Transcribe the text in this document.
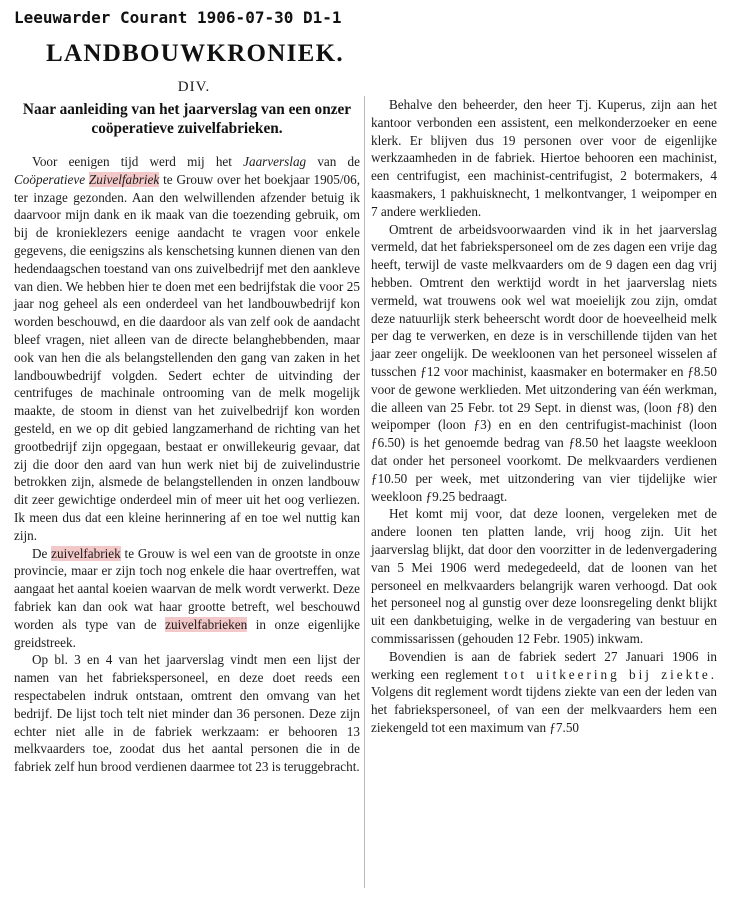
Leeuwarder Courant 1906-07-30 D1-1
LANDBOUWKRONIEK.
DIV.
Naar aanleiding van het jaarverslag van een onzer coöperatieve zuivelfabrieken.

Voor eenigen tijd werd mij het Jaarverslag van de Coöperatieve Zuivelfabriek te Grouw over het boekjaar 1905/06, ter inzage gezonden. Aan den welwillenden afzender betuig ik daarvoor mijn dank en ik maak van die toezending gebruik, om bij de kronieklezers eenige aandacht te vragen voor enkele gegevens, die eenigszins als kenschetsing kunnen dienen van den hedendaagschen toestand van ons zuivelbedrijf met den aankleve van dien. We hebben hier te doen met een bedrijfstak die voor 25 jaar nog geheel als een onderdeel van het landbouwbedrijf kon worden beschouwd, en die daardoor als van zelf ook de aandacht bleef vragen, niet alleen van de directe belanghebbenden, maar ook van hen die als belangstellenden den gang van zaken in het landbouwbedrijf volgden. Sedert echter de uitvinding der centrifuges de machinale ontrooming van de melk mogelijk maakte, de stoom in dienst van het zuivelbedrijf kon worden gesteld, en we op dit gebied langzamerhand de richting van het grootbedrijf zijn opgegaan, bestaat er onwillekeurig gevaar, dat zij die door den aard van hun werk niet bij de zuivelindustrie betrokken zijn, alsmede de belangstellenden in onzen landbouw dit zeer gewichtige onderdeel min of meer uit het oog verliezen. Ik meen dus dat een kleine herinnering af en toe wel nuttig kan zijn.

De zuivelfabriek te Grouw is wel een van de grootste in onze provincie, maar er zijn toch nog enkele die haar overtreffen, wat aangaat het aantal koeien waarvan de melk wordt verwerkt. Deze fabriek kan dan ook wat haar grootte betreft, wel beschouwd worden als type van de zuivelfabrieken in onze eigenlijke greidstreek.

Op bl. 3 en 4 van het jaarverslag vindt men een lijst der namen van het fabriekspersoneel, en deze doet reeds een respectabelen indruk ontstaan, omtrent den omvang van het bedrijf. De lijst toch telt niet minder dan 36 personen. Deze zijn echter niet alle in de fabriek werkzaam: er behooren 13 melkvaarders toe, zoodat dus het aantal personen die in de fabriek zelf hun brood verdienen daarmee tot 23 is teruggebracht.

Behalve den beheerder, den heer Tj. Kuperus, zijn aan het kantoor verbonden een assistent, een melkonderzoeker en eene klerk. Er blijven dus 19 personen over voor de eigenlijke werkzaamheden in de fabriek. Hiertoe behooren een machinist, een centrifugist, een machinist-centrifugist, 2 botermakers, 4 kaasmakers, 1 pakhuisknecht, 1 melkontvanger, 1 weipomper en 7 andere werklieden.

Omtrent de arbeidsvoorwaarden vind ik in het jaarverslag vermeld, dat het fabriekspersoneel om de zes dagen een vrije dag heeft, terwijl de vaste melkvaarders om de 9 dagen een dag vrij hebben. Omtrent den werktijd wordt in het jaarverslag niets vermeld, wat trouwens ook wel wat moeielijk zou zijn, omdat deze natuurlijk sterk beheerscht wordt door de hoeveelheid melk per dag te verwerken, en deze is in verschillende tijden van het jaar zeer ongelijk. De weekloonen van het personeel wisselen af tusschen ƒ12 voor machinist, kaasmaker en botermaker en ƒ8.50 voor de gewone werklieden. Met uitzondering van één werkman, die alleen van 25 Febr. tot 29 Sept. in dienst was, (loon ƒ8) den weipomper (loon ƒ3) en en den centrifugist-machinist (loon ƒ6.50) is het genoemde bedrag van ƒ8.50 het laagste weekloon dat onder het personeel voorkomt. De melkvaarders verdienen ƒ10.50 per week, met uitzondering van vier tijdelijke wier weekloon ƒ9.25 bedraagt.

Het komt mij voor, dat deze loonen, vergeleken met de andere loonen ten platten lande, vrij hoog zijn. Uit het jaarverslag blijkt, dat door den voorzitter in de ledenvergadering van 5 Mei 1906 werd medegedeeld, dat de loonen van het personeel en melkvaarders belangrijk waren verhoogd. Dat ook het personeel nog al gunstig over deze loonsregeling denkt blijkt uit een dankbetuiging, welke in de vergadering van bestuur en commissarissen (gehouden 12 Febr. 1905) inkwam.

Bovendien is aan de fabriek sedert 27 Januari 1906 in werking een reglement tot uitkeering bij ziekte. Volgens dit reglement wordt tijdens ziekte van een der leden van het fabriekspersoneel, of van een der melkvaarders hem een ziekengeld tot een maximum van ƒ7.50
